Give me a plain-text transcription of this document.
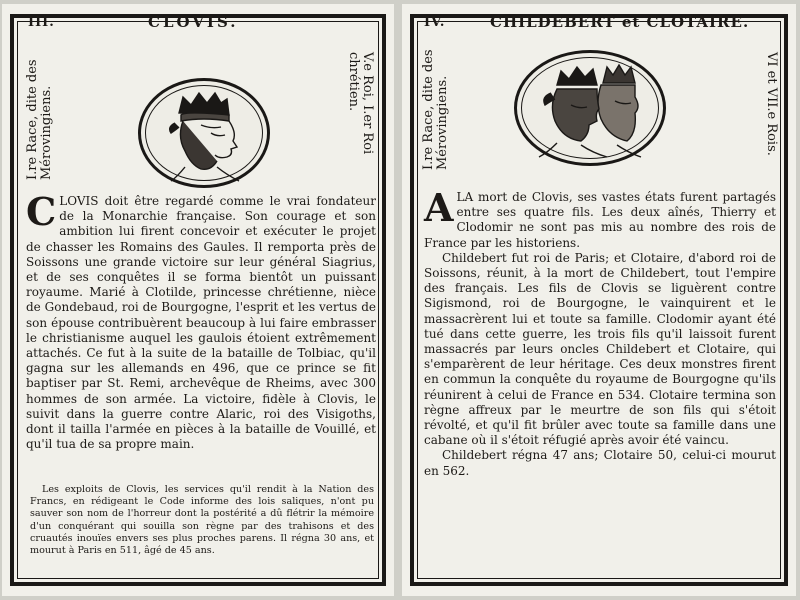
III.	CLOVIS.
I.re Race, dite des Mérovingiens.	V.e Roi, I.er Roi
chrétien.

CLOVIS doit être regardé comme le vrai fondateur de la Monarchie française. Son courage et son ambition lui firent concevoir et exécuter le projet de chasser les Romains des Gaules. Il remporta près de Soissons une grande victoire sur leur général Siagrius, et de ses conquêtes il se forma bientôt un puissant royaume. Marié à Clotilde, princesse chrétienne, nièce de Gondebaud, roi de Bourgogne, l'esprit et les vertus de son épouse contribuèrent beaucoup à lui faire embrasser le christianisme auquel les gaulois étoient extrêmement attachés. Ce fut à la suite de la bataille de Tolbiac, qu'il gagna sur les allemands en 496, que ce prince se fit baptiser par St. Remi, archevêque de Rheims, avec 300 hommes de son armée. La victoire, fidèle à Clovis, le suivit dans la guerre contre Alaric, roi des Visigoths, dont il tailla l'armée en pièces à la bataille de Vouillé, et qu'il tua de sa propre main.

Les exploits de Clovis, les services qu'il rendit à la Nation des Francs, en rédigeant le Code informe des lois saliques, n'ont pu sauver son nom de l'horreur dont la postérité a dû flétrir la mémoire d'un conquérant qui souilla son règne par des trahisons et des cruautés inouïes envers ses plus proches parens. Il régna 30 ans, et mourut à Paris en 511, âgé de 45 ans.
IV.	CHILDEBERT et CLOTAIRE.
I.re Race, dite des Mérovingiens.	VI et VII.e Rois.

ALA mort de Clovis, ses vastes états furent partagés entre ses quatre fils. Les deux aînés, Thierry et Clodomir ne sont pas mis au nombre des rois de France par les historiens.

Childebert fut roi de Paris; et Clotaire, d'abord roi de Soissons, réunit, à la mort de Childebert, tout l'empire des français. Les fils de Clovis se liguèrent contre Sigismond, roi de Bourgogne, le vainquirent et le massacrèrent lui et toute sa famille. Clodomir ayant été tué dans cette guerre, les trois fils qu'il laissoit furent massacrés par leurs oncles Childebert et Clotaire, qui s'emparèrent de leur héritage. Ces deux monstres firent en commun la conquête du royaume de Bourgogne qu'ils réunirent à celui de France en 534. Clotaire termina son règne affreux par le meurtre de son fils qui s'étoit révolté, et qu'il fit brûler avec toute sa famille dans une cabane où il s'étoit réfugié après avoir été vaincu.

Childebert régna 47 ans; Clotaire 50, celui-ci mourut en 562.
